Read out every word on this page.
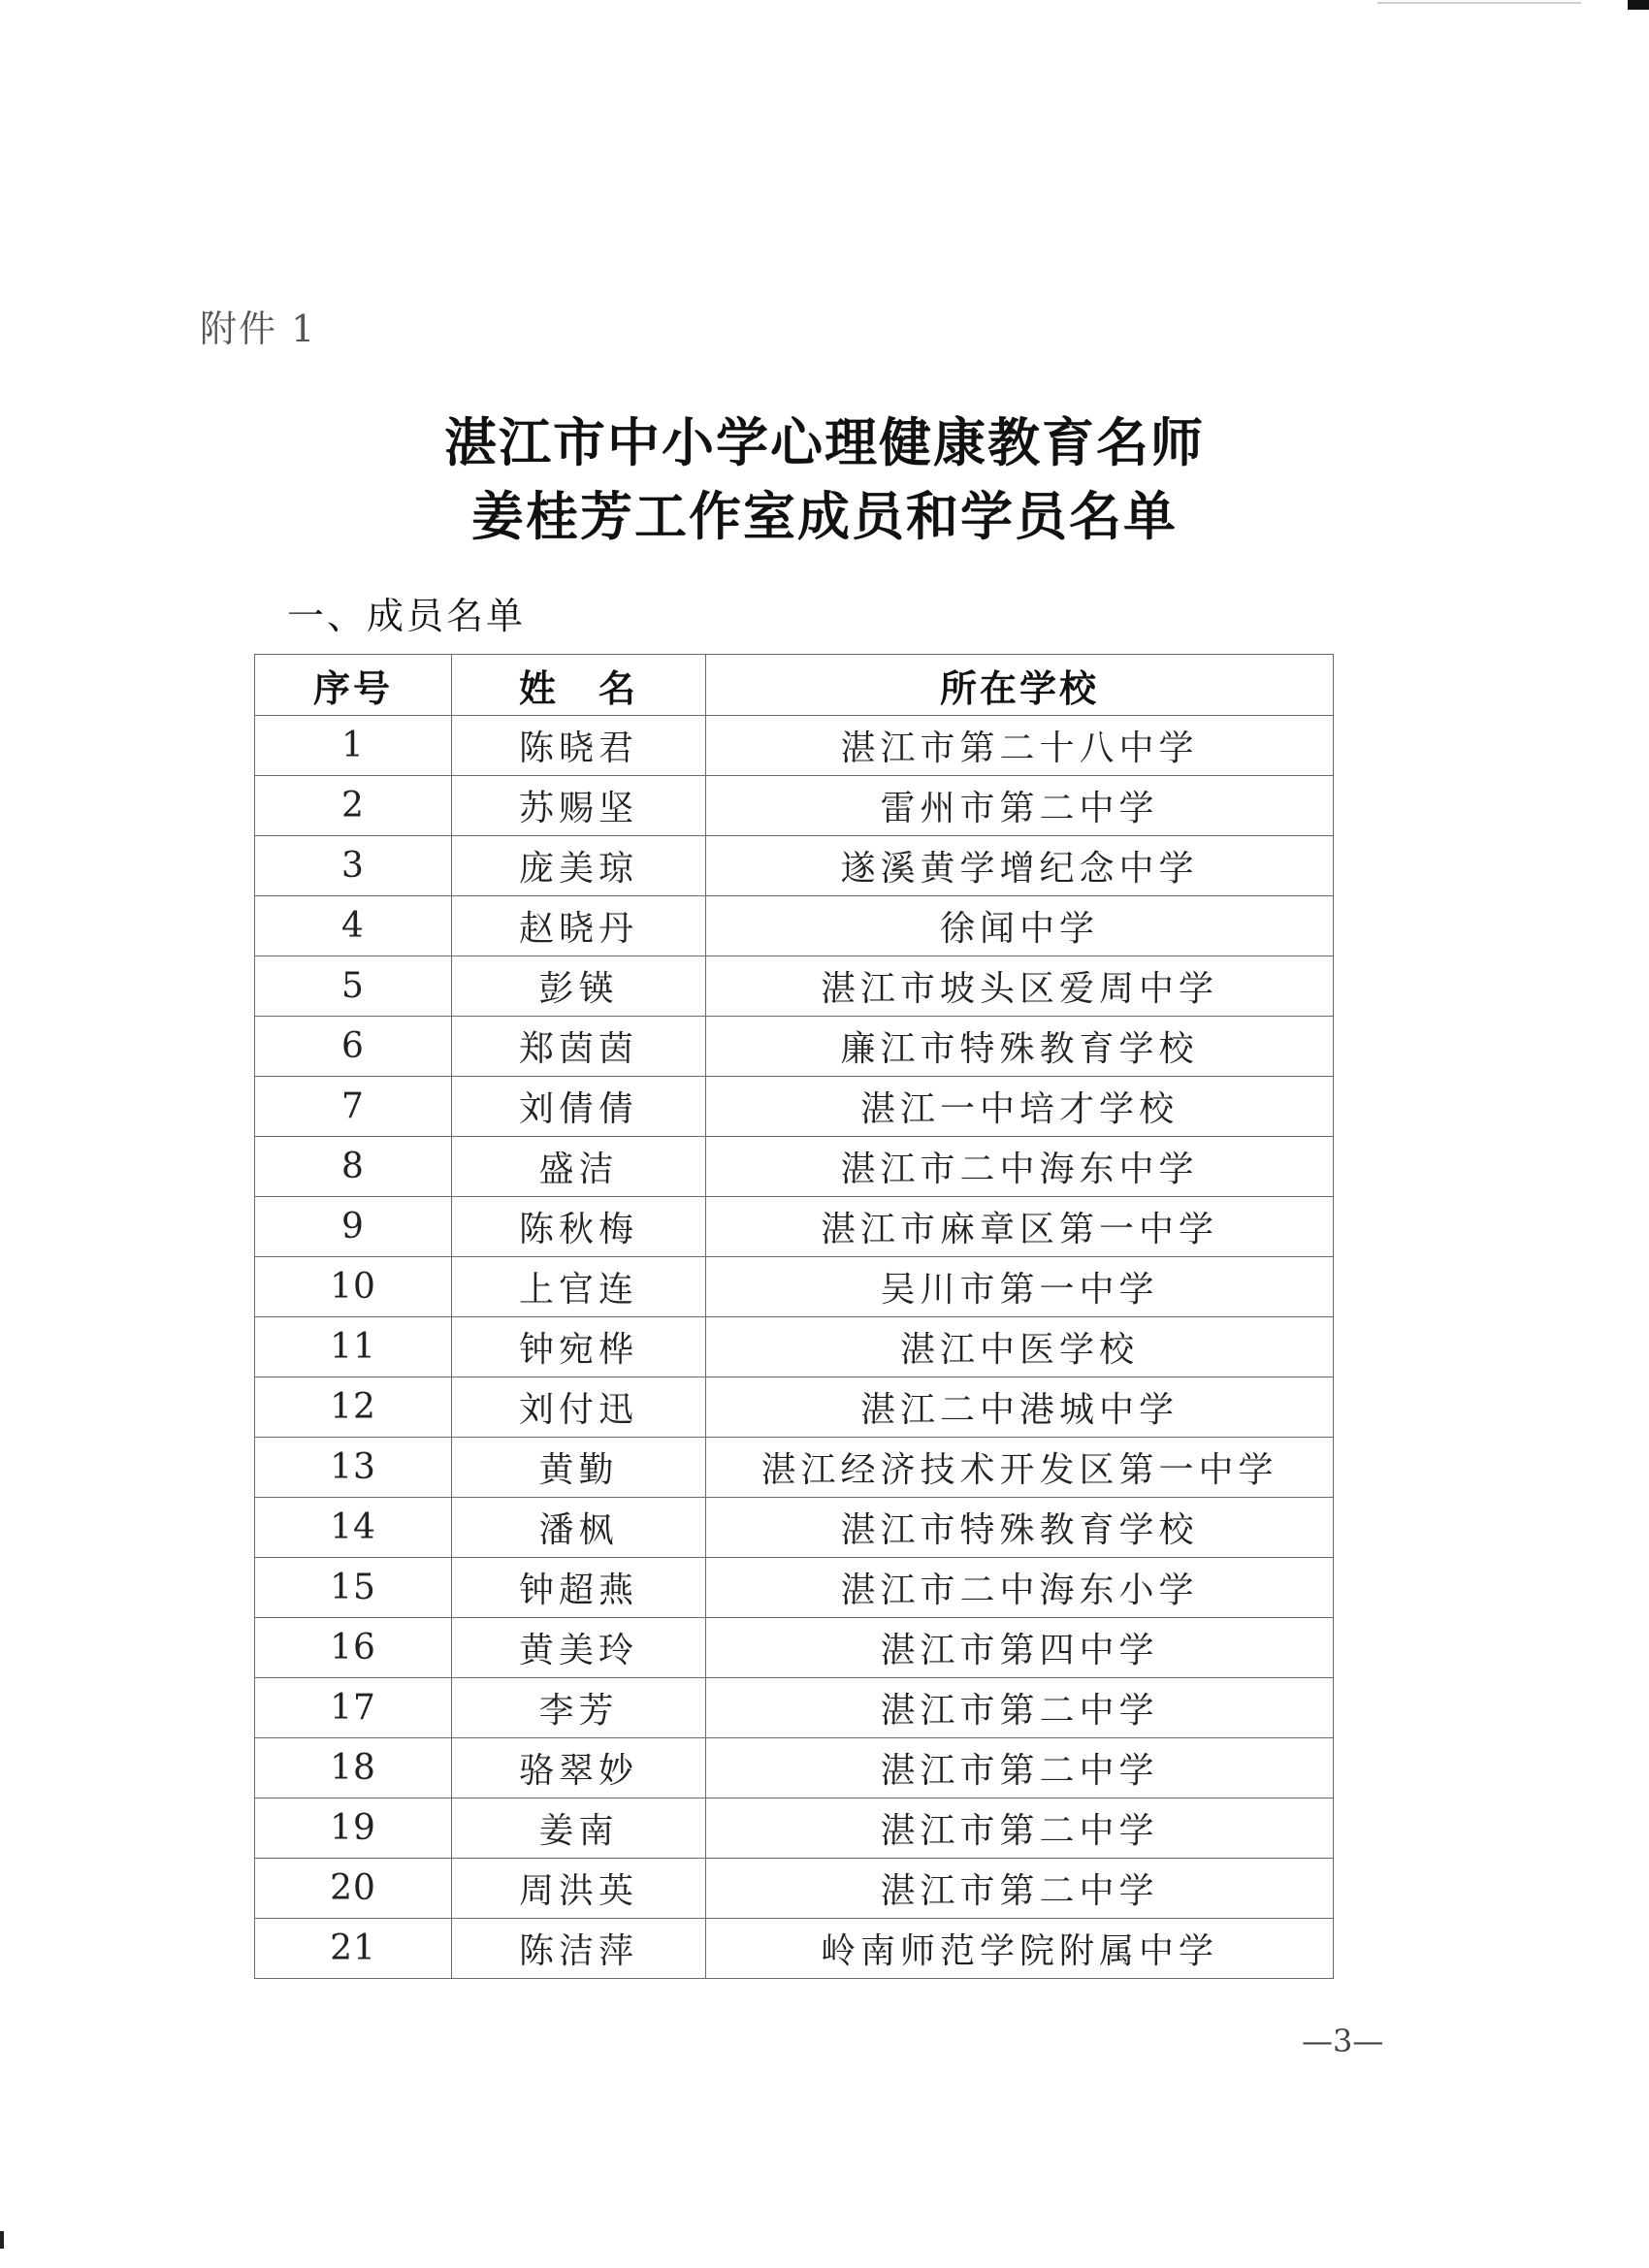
附件 1
湛江市中小学心理健康教育名师
姜桂芳工作室成员和学员名单
一、成员名单
序号	姓　名	所在学校
1	陈晓君	湛江市第二十八中学
2	苏赐坚	雷州市第二中学
3	庞美琼	遂溪黄学增纪念中学
4	赵晓丹	徐闻中学
5	彭锳	湛江市坡头区爱周中学
6	郑茵茵	廉江市特殊教育学校
7	刘倩倩	湛江一中培才学校
8	盛洁	湛江市二中海东中学
9	陈秋梅	湛江市麻章区第一中学
10	上官连	吴川市第一中学
11	钟宛桦	湛江中医学校
12	刘付迅	湛江二中港城中学
13	黄勤	湛江经济技术开发区第一中学
14	潘枫	湛江市特殊教育学校
15	钟超燕	湛江市二中海东小学
16	黄美玲	湛江市第四中学
17	李芳	湛江市第二中学
18	骆翠妙	湛江市第二中学
19	姜南	湛江市第二中学
20	周洪英	湛江市第二中学
21	陈洁萍	岭南师范学院附属中学
—3—
